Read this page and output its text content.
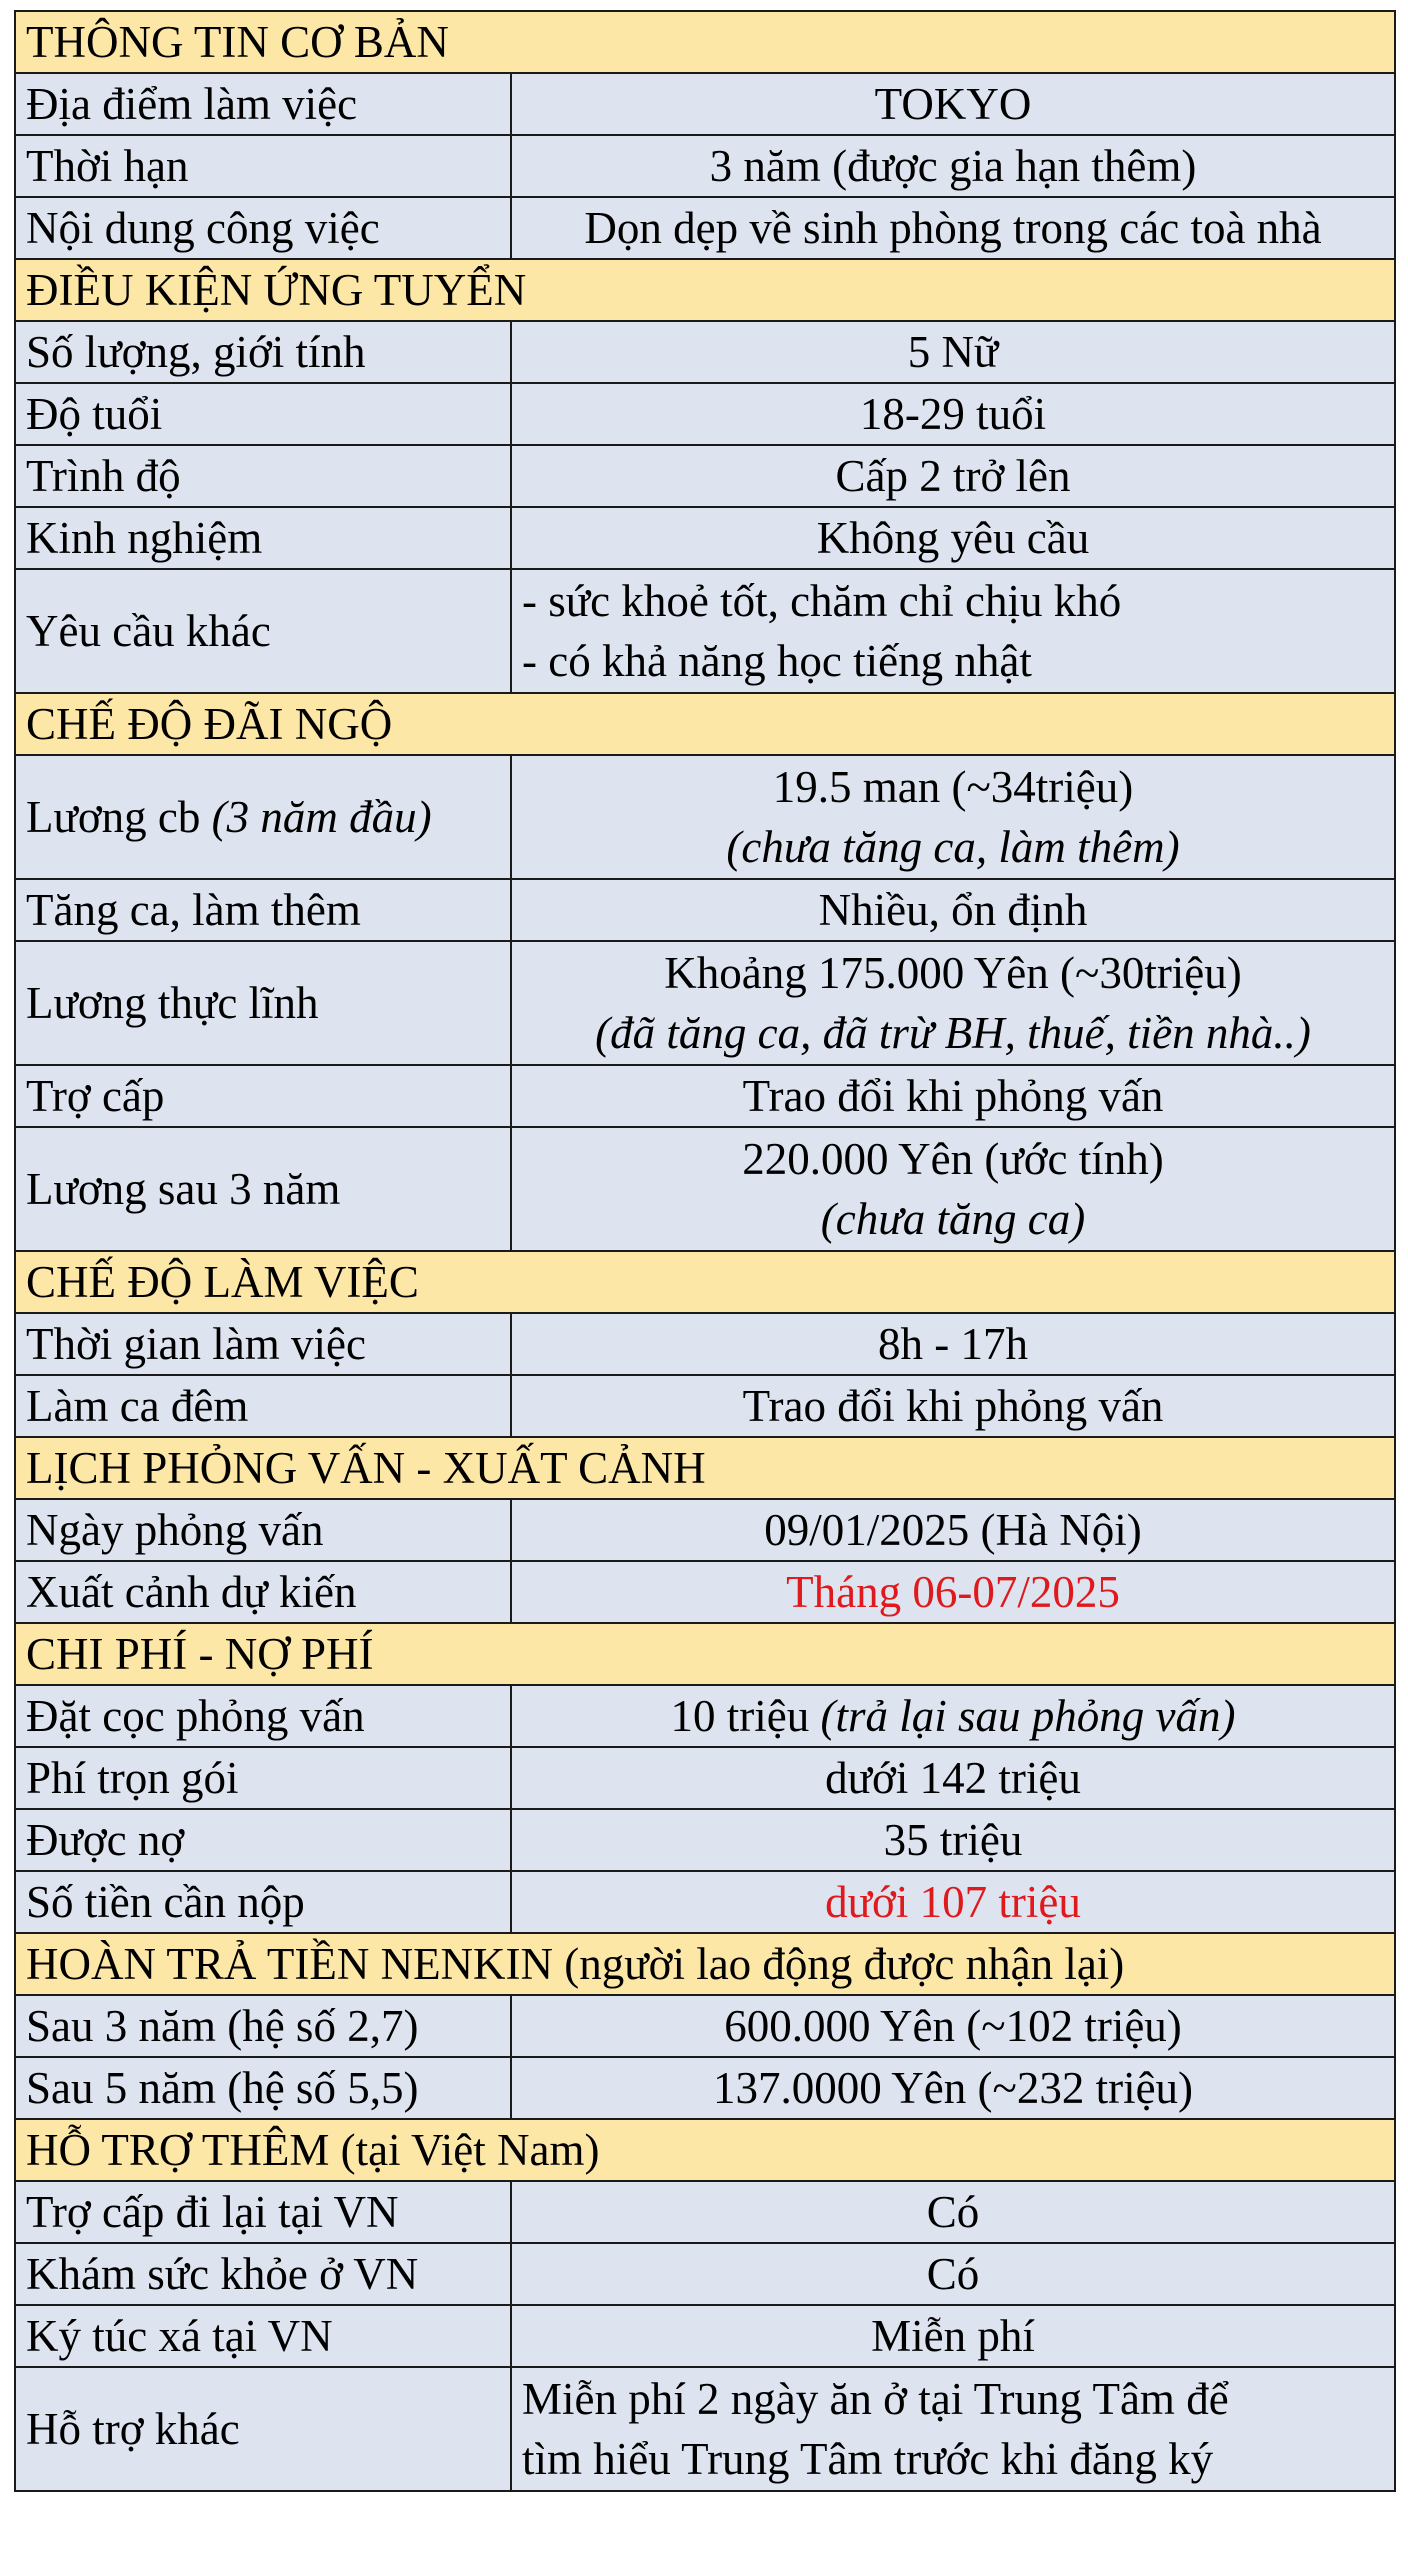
THÔNG TIN CƠ BẢN	
Địa điểm làm việc	TOKYO
Thời hạn	3 năm (được gia hạn thêm)
Nội dung công việc	Dọn dẹp về sinh phòng trong các toà nhà
ĐIỀU KIỆN ỨNG TUYỂN	
Số lượng, giới tính	5 Nữ
Độ tuổi	18-29 tuổi
Trình độ	Cấp 2 trở lên
Kinh nghiệm	Không yêu cầu
Yêu cầu khác	- sức khoẻ tốt, chăm chỉ chịu khó
- có khả năng học tiếng nhật

CHẾ ĐỘ ĐÃI NGỘ	
Lương cb (3 năm đầu)	19.5 man (~34triệu)
(chưa tăng ca, làm thêm)

Tăng ca, làm thêm	Nhiều, ổn định
Lương thực lĩnh	Khoảng 175.000 Yên (~30triệu)
(đã tăng ca, đã trừ BH, thuế, tiền nhà..)

Trợ cấp	Trao đổi khi phỏng vấn
Lương sau 3 năm	220.000 Yên (ước tính)
(chưa tăng ca)

CHẾ ĐỘ LÀM VIỆC	
Thời gian làm việc	8h - 17h
Làm ca đêm	Trao đổi khi phỏng vấn
LỊCH PHỎNG VẤN - XUẤT CẢNH	
Ngày phỏng vấn	09/01/2025 (Hà Nội)
Xuất cảnh dự kiến	Tháng 06-07/2025
CHI PHÍ - NỢ PHÍ	
Đặt cọc phỏng vấn	10 triệu (trả lại sau phỏng vấn)
Phí trọn gói	dưới 142 triệu
Được nợ	35 triệu
Số tiền cần nộp	dưới 107 triệu
HOÀN TRẢ TIỀN NENKIN (người lao động được nhận lại)	
Sau 3 năm (hệ số 2,7)	600.000 Yên (~102 triệu)
Sau 5 năm (hệ số 5,5)	137.0000 Yên (~232 triệu)
HỖ TRỢ THÊM (tại Việt Nam)	
Trợ cấp đi lại tại VN	Có
Khám sức khỏe ở VN	Có
Ký túc xá tại VN	Miễn phí
Hỗ trợ khác	Miễn phí 2 ngày ăn ở tại Trung Tâm để
tìm hiểu Trung Tâm trước khi đăng ký
